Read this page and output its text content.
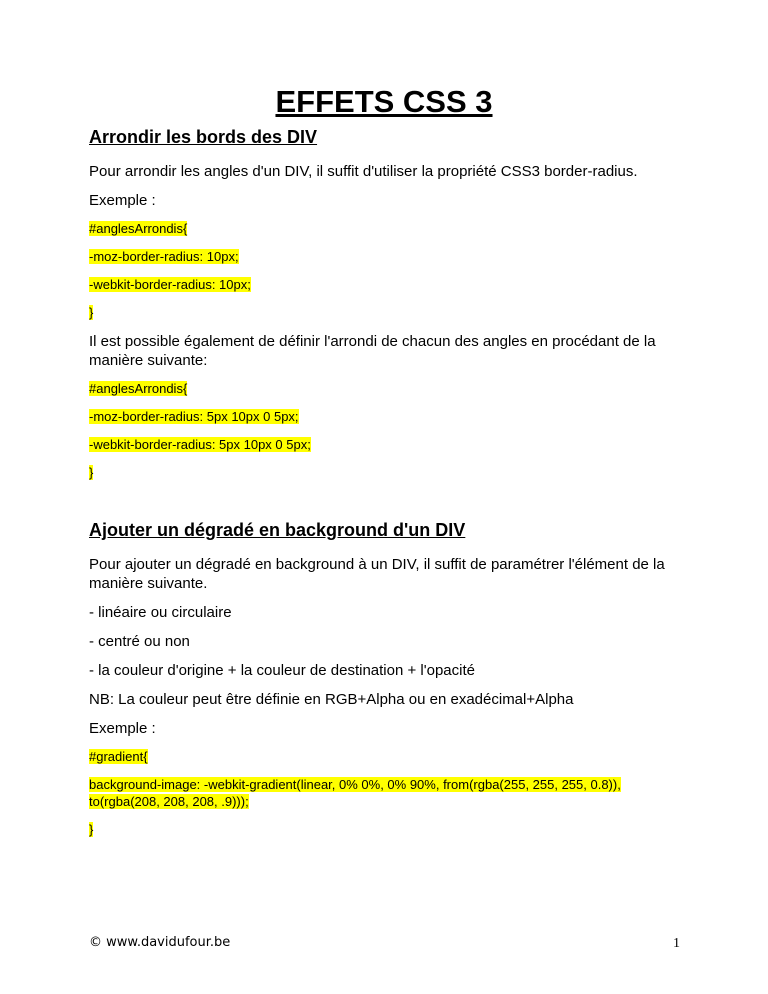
EFFETS CSS 3
Arrondir les bords des DIV

Pour arrondir les angles d'un DIV, il suffit d'utiliser la propriété CSS3 border-radius.

Exemple :

#anglesArrondis{

-moz-border-radius: 10px;

-webkit-border-radius: 10px;

}

Il est possible également de définir l'arrondi de chacun des angles en procédant de la manière suivante:

#anglesArrondis{

-moz-border-radius: 5px 10px 0 5px;

-webkit-border-radius: 5px 10px 0 5px;

}

Ajouter un dégradé en background d'un DIV

Pour ajouter un dégradé en background à un DIV, il suffit de paramétrer l'élément de la manière suivante.

- linéaire ou circulaire

- centré ou non

- la couleur d'origine + la couleur de destination + l'opacité

NB: La couleur peut être définie en RGB+Alpha ou en exadécimal+Alpha

Exemple :

#gradient{

background-image: -webkit-gradient(linear, 0% 0%, 0% 90%, from(rgba(255, 255, 255, 0.8)), to(rgba(208, 208, 208, .9)));

}

© www.davidufour.be	1
